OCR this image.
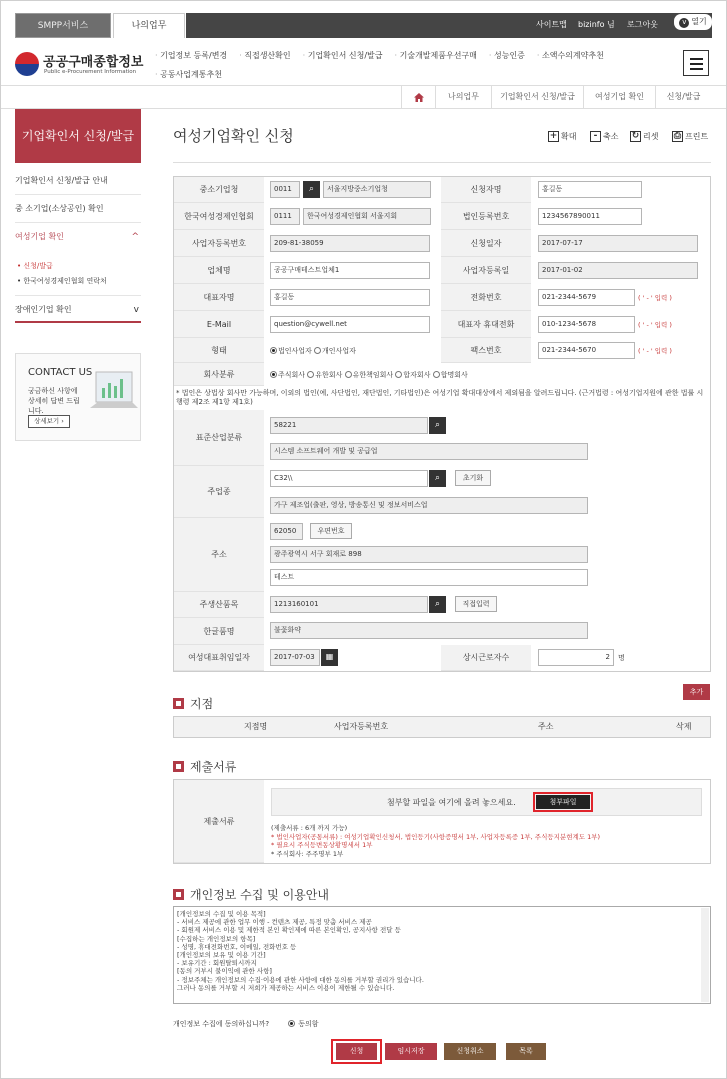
SMPP서비스	나의업무	사이트맵 bizinfo 님 로그아웃	v 열기
공공구매종합정보
Public e-Procurement Information
· 기업정보 등록/변경 · 직접생산확인 · 기업확인서 신청/발급 · 기술개발제품우선구매 · 성능인증 · 소액수의계약추천· 공동사업계통추천
· · ·
나의업무	기업확인서 신청/발급	여성기업 확인	신청/발급
기업확인서 신청/발급
기업확인서 신청/발급 안내
중 소기업(소상공인) 확인
여성기업 확인	^
• 신청/발급
• 한국여성경제인협회 연락처
장애인기업 확인	v
CONTACT US
궁금하신 사항에 상세히 답변 드립니다.
상세보기 ›
여성기업확인 신청	+ 확대	- 축소 ↻ 리셋 ⎙ 프린트
중소기업청	0011	⌕	서울지방중소기업청	신청자명	홍길동
한국여성경제인협회	0111	한국여성경제인협회 서울지회	법인등록번호	1234567890011
사업자등록번호	209-81-38059	신청일자	2017-07-17
업체명	공공구매테스트업체1	사업자등록일	2017-01-02
대표자명	홍길동	전화번호	021-2344-5679	( ' - ' 입력 )
E-Mail	question@cywell.net	대표자 휴대전화	010-1234-5678	( ' - ' 입력 )
형태	법인사업자 개인사업자	팩스번호	021-2344-5670	( ' - ' 입력 )
회사분류	주식회사 유한회사 유한책임회사 합자회사 합명회사
* 법인은 상법상 회사만 가능하며, 이외의 법인(예, 사단법인, 재단법인, 기타법인)은 여성기업 확대대상에서 제외됨을 알려드립니다. (근거법령 : 여성기업지원에 관한 법률 시행령 제2조 제1항 제1호)
표준산업분류
58221	⌕
시스템 소프트웨어 개발 및 공급업
주업종
C32\\	⌕	초기화
가구 제조업(출판, 영상, 방송통신 및 정보서비스업
주소
62050	우편번호
광주광역시 서구 회재로 898
테스트
주생산품목	1213160101	⌕	직접입력
한글품명	불꽃화약
여성대표취임일자	2017-07-03	▦	상시근로자수	2	명
지점
추가
지점명	사업자등록번호	주소	삭제
제출서류
제출서류
첨부할 파일을 여기에 올려 놓으세요.	첨부파일
(제출서류 : 6개 까지 가능)
* 법인사업자(공통서류) : 여성기업확인신청서, 법인등기(사항증명서 1부, 사업자등록증 1부, 주식등지분현계도 1부)
* 필요시 주식등변동상황명세서 1부
* 주식회사: 주주명부 1부
개인정보 수집 및 이용안내
[개인정보의 수집 및 이용 목적]
- 서비스 제공에 관한 업무 이행 - 컨텐츠 제공, 특정 맞춤 서비스 제공
- 회원제 서비스 이용 및 제한적 본인 확인제에 따른 본인확인, 공지사항 전달 등
[수집하는 개인정보의 항목]
- 성명, 휴대전화번호, 이메일, 전화번호 등
[개인정보의 보유 및 이용 기간]
- 보유기간 : 회원탈퇴시까지
[동의 거부시 불이익에 관한 사항]
- 정보주체는 개인정보의 수집·이용에 관한 사항에 대한 동의를 거부할 권리가 있습니다.
그러나 동의를 거부할 시 저희가 제공하는 서비스 이용이 제한될 수 있습니다.
개인정보 수집에 동의하십니까?	동의함
신청	임시저장	신청취소	목록
